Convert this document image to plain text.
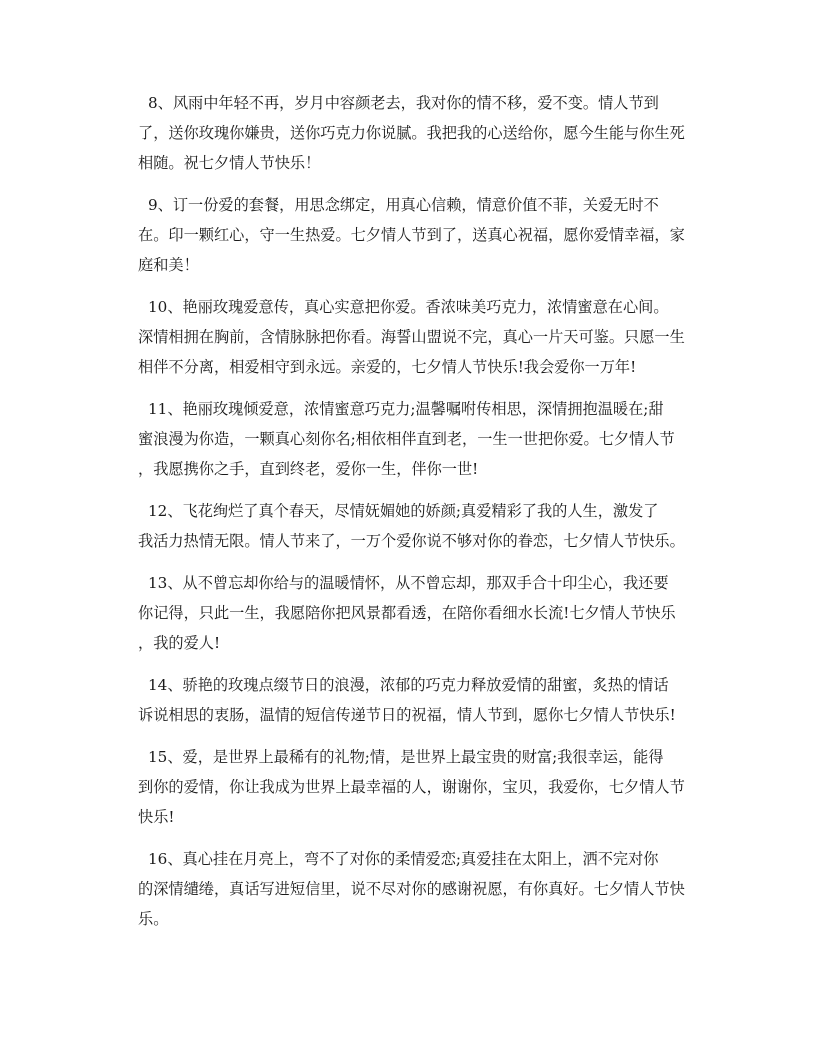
8、风雨中年轻不再，岁月中容颜老去，我对你的情不移，爱不变。情人节到
了，送你玫瑰你嫌贵，送你巧克力你说腻。我把我的心送给你，愿今生能与你生死
相随。祝七夕情人节快乐！

9、订一份爱的套餐，用思念绑定，用真心信赖，情意价值不菲，关爱无时不
在。印一颗红心，守一生热爱。七夕情人节到了，送真心祝福，愿你爱情幸福，家
庭和美！

10、艳丽玫瑰爱意传，真心实意把你爱。香浓味美巧克力，浓情蜜意在心间。
深情相拥在胸前，含情脉脉把你看。海誓山盟说不完，真心一片天可鉴。只愿一生
相伴不分离，相爱相守到永远。亲爱的，七夕情人节快乐!我会爱你一万年!

11、艳丽玫瑰倾爱意，浓情蜜意巧克力;温馨嘱咐传相思，深情拥抱温暖在;甜
蜜浪漫为你造，一颗真心刻你名;相依相伴直到老，一生一世把你爱。七夕情人节
，我愿携你之手，直到终老，爱你一生，伴你一世!

12、飞花绚烂了真个春天，尽情妩媚她的娇颜;真爱精彩了我的人生，激发了
我活力热情无限。情人节来了，一万个爱你说不够对你的眷恋，七夕情人节快乐。

13、从不曾忘却你给与的温暖情怀，从不曾忘却，那双手合十印尘心，我还要
你记得，只此一生，我愿陪你把风景都看透，在陪你看细水长流!七夕情人节快乐
，我的爱人!

14、骄艳的玫瑰点缀节日的浪漫，浓郁的巧克力释放爱情的甜蜜，炙热的情话
诉说相思的衷肠，温情的短信传递节日的祝福，情人节到，愿你七夕情人节快乐!

15、爱，是世界上最稀有的礼物;情，是世界上最宝贵的财富;我很幸运，能得
到你的爱情，你让我成为世界上最幸福的人，谢谢你，宝贝，我爱你，七夕情人节
快乐!

16、真心挂在月亮上，弯不了对你的柔情爱恋;真爱挂在太阳上，洒不完对你
的深情缱绻，真话写进短信里，说不尽对你的感谢祝愿，有你真好。七夕情人节快
乐。
